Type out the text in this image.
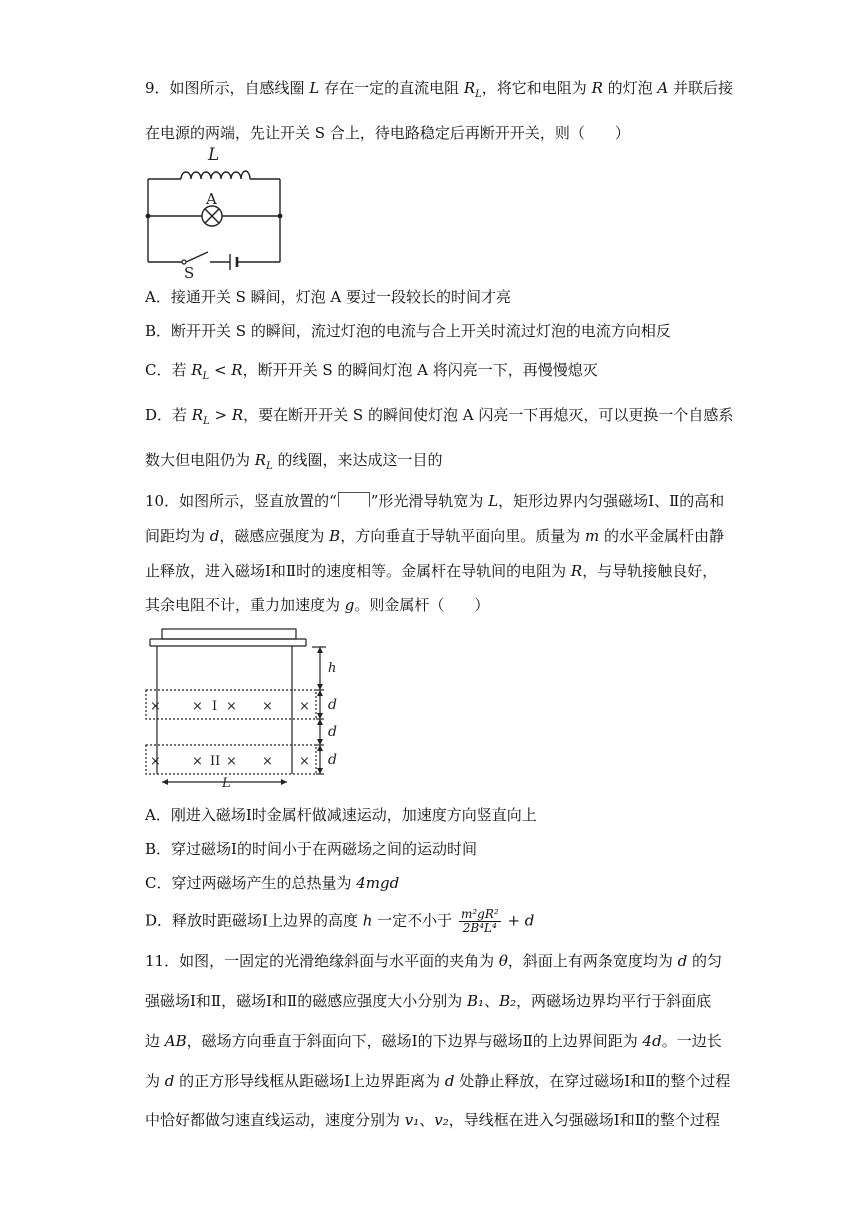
9．如图所示，自感线圈 L 存在一定的直流电阻 $R_L$，将它和电阻为 R 的灯泡 A 并联后接
在电源的两端，先让开关 S 合上，待电路稳定后再断开开关，则（　　）
L
A
S
A．接通开关 S 瞬间，灯泡 A 要过一段较长的时间才亮
B．断开开关 S 的瞬间，流过灯泡的电流与合上开关时流过灯泡的电流方向相反
C．若 $R_L < R$，断开开关 S 的瞬间灯泡 A 将闪亮一下，再慢慢熄灭
D．若 $R_L > R$，要在断开开关 S 的瞬间使灯泡 A 闪亮一下再熄灭，可以更换一个自感系
数大但电阻仍为 $R_L$ 的线圈，来达成这一目的
10．如图所示，竖直放置的“ ”形光滑导轨宽为 L，矩形边界内匀强磁场Ⅰ、Ⅱ的高和
间距均为 d，磁感应强度为 B，方向垂直于导轨平面向里。质量为 m 的水平金属杆由静
止释放，进入磁场Ⅰ和Ⅱ时的速度相等。金属杆在导轨间的电阻为 R，与导轨接触良好，
其余电阻不计，重力加速度为 g。则金属杆（　　）
h
d
d
d
L
× × I × × ×
× × II × × ×
A．刚进入磁场Ⅰ时金属杆做减速运动，加速度方向竖直向上
B．穿过磁场Ⅰ的时间小于在两磁场之间的运动时间
C．穿过两磁场产生的总热量为 4mgd
D．释放时距磁场Ⅰ上边界的高度 h 一定不小于 $\frac{\text{m²gR²}}{\text{2B⁴L⁴}} + d$
11．如图，一固定的光滑绝缘斜面与水平面的夹角为 θ，斜面上有两条宽度均为 d 的匀
强磁场Ⅰ和Ⅱ，磁场Ⅰ和Ⅱ的磁感应强度大小分别为 B₁、B₂，两磁场边界均平行于斜面底
边 AB，磁场方向垂直于斜面向下，磁场Ⅰ的下边界与磁场Ⅱ的上边界间距为 4d。一边长
为 d 的正方形导线框从距磁场Ⅰ上边界距离为 d 处静止释放，在穿过磁场Ⅰ和Ⅱ的整个过程
中恰好都做匀速直线运动，速度分别为 v₁、v₂，导线框在进入匀强磁场Ⅰ和Ⅱ的整个过程
